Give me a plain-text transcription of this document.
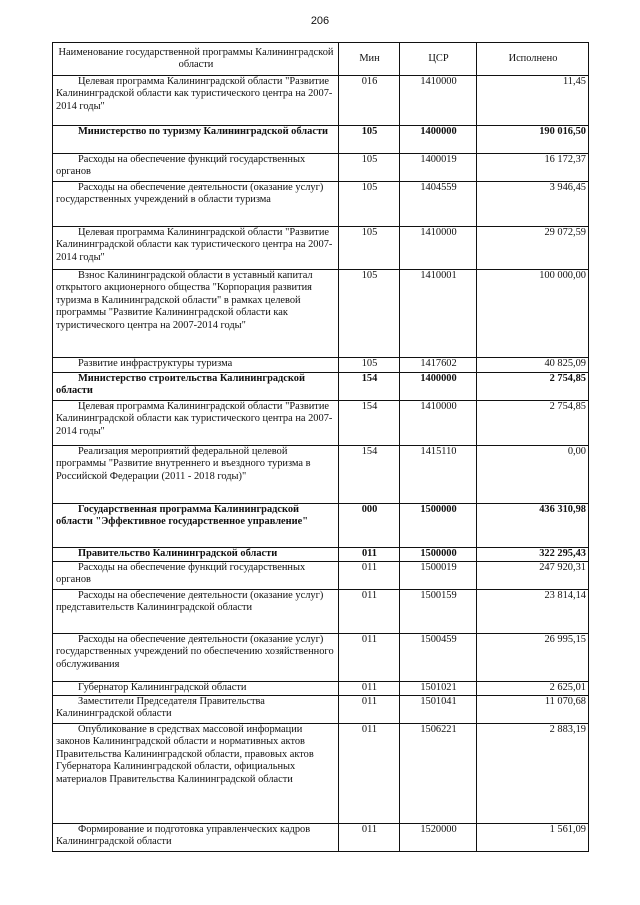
206
Наименование государственной программы Калининградской области	Мин	ЦСР	Исполнено
Целевая программа Калининградской области "Развитие Калининградской области как туристического центра на 2007-2014 годы"	016	1410000	11,45
Министерство по туризму Калининградской области	105	1400000	190 016,50
Расходы на обеспечение функций государственных органов	105	1400019	16 172,37
Расходы на обеспечение деятельности (оказание услуг) государственных учреждений в области туризма	105	1404559	3 946,45
Целевая программа Калининградской области "Развитие Калининградской области как туристического центра на 2007-2014 годы"	105	1410000	29 072,59
Взнос Калининградской области в уставный капитал открытого акционерного общества "Корпорация развития туризма в Калининградской области" в рамках целевой программы "Развитие Калининградской области как туристического центра на 2007-2014 годы"	105	1410001	100 000,00
Развитие инфраструктуры туризма	105	1417602	40 825,09
Министерство строительства Калининградской области	154	1400000	2 754,85
Целевая программа Калининградской области "Развитие Калининградской области как туристического центра на 2007-2014 годы"	154	1410000	2 754,85
Реализация мероприятий федеральной целевой программы "Развитие внутреннего и въездного туризма в Российской Федерации (2011 - 2018 годы)"	154	1415110	0,00
Государственная программа Калининградской области "Эффективное государственное управление"	000	1500000	436 310,98
Правительство Калининградской области	011	1500000	322 295,43
Расходы на обеспечение функций государственных органов	011	1500019	247 920,31
Расходы на обеспечение деятельности (оказание услуг) представительств Калининградской области	011	1500159	23 814,14
Расходы на обеспечение деятельности (оказание услуг) государственных учреждений по обеспечению хозяйственного обслуживания	011	1500459	26 995,15
Губернатор Калининградской области	011	1501021	2 625,01
Заместители Председателя Правительства Калининградской области	011	1501041	11 070,68
Опубликование в средствах массовой информации законов Калининградской области и нормативных актов Правительства Калининградской области, правовых актов Губернатора Калининградской области, официальных материалов Правительства Калининградской области	011	1506221	2 883,19
Формирование и подготовка управленческих кадров Калининградской области	011	1520000	1 561,09
